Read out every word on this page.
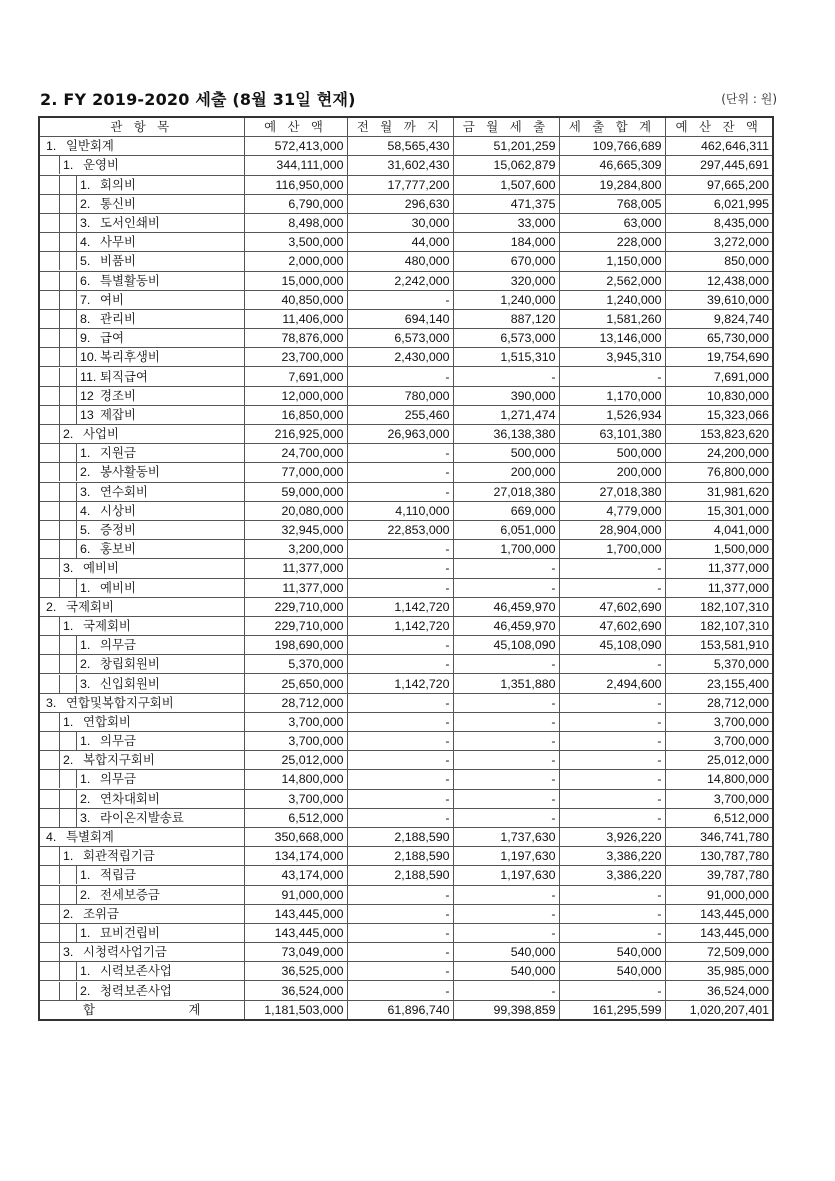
2. FY 2019-2020 세출 (8월 31일 현재)	(단위 : 원)
관 항 목	예 산 액	전 월 까 지	금 월 세 출	세 출 합 계	예 산 잔 액

1. 일반회계	572,413,000	58,565,430	51,201,259	109,766,689	462,646,311

1. 운영비	344,111,000	31,602,430	15,062,879	46,665,309	297,445,691

1. 회의비	116,950,000	17,777,200	1,507,600	19,284,800	97,665,200

2. 통신비	6,790,000	296,630	471,375	768,005	6,021,995

3. 도서인쇄비	8,498,000	30,000	33,000	63,000	8,435,000

4. 사무비	3,500,000	44,000	184,000	228,000	3,272,000

5. 비품비	2,000,000	480,000	670,000	1,150,000	850,000

6. 특별활동비	15,000,000	2,242,000	320,000	2,562,000	12,438,000

7. 여비	40,850,000	-	1,240,000	1,240,000	39,610,000

8. 관리비	11,406,000	694,140	887,120	1,581,260	9,824,740

9. 급여	78,876,000	6,573,000	6,573,000	13,146,000	65,730,000

10. 복리후생비	23,700,000	2,430,000	1,515,310	3,945,310	19,754,690

11. 퇴직급여	7,691,000	-	-	-	7,691,000

12 경조비	12,000,000	780,000	390,000	1,170,000	10,830,000

13 제잡비	16,850,000	255,460	1,271,474	1,526,934	15,323,066

2. 사업비	216,925,000	26,963,000	36,138,380	63,101,380	153,823,620

1. 지원금	24,700,000	-	500,000	500,000	24,200,000

2. 봉사활동비	77,000,000	-	200,000	200,000	76,800,000

3. 연수회비	59,000,000	-	27,018,380	27,018,380	31,981,620

4. 시상비	20,080,000	4,110,000	669,000	4,779,000	15,301,000

5. 증정비	32,945,000	22,853,000	6,051,000	28,904,000	4,041,000

6. 홍보비	3,200,000	-	1,700,000	1,700,000	1,500,000

3. 예비비	11,377,000	-	-	-	11,377,000

1. 예비비	11,377,000	-	-	-	11,377,000

2. 국제회비	229,710,000	1,142,720	46,459,970	47,602,690	182,107,310

1. 국제회비	229,710,000	1,142,720	46,459,970	47,602,690	182,107,310

1. 의무금	198,690,000	-	45,108,090	45,108,090	153,581,910

2. 창립회원비	5,370,000	-	-	-	5,370,000

3. 신입회원비	25,650,000	1,142,720	1,351,880	2,494,600	23,155,400

3. 연합및복합지구회비	28,712,000	-	-	-	28,712,000

1. 연합회비	3,700,000	-	-	-	3,700,000

1. 의무금	3,700,000	-	-	-	3,700,000

2. 복합지구회비	25,012,000	-	-	-	25,012,000

1. 의무금	14,800,000	-	-	-	14,800,000

2. 연차대회비	3,700,000	-	-	-	3,700,000

3. 라이온지발송료	6,512,000	-	-	-	6,512,000

4. 특별회계	350,668,000	2,188,590	1,737,630	3,926,220	346,741,780

1. 회관적립기금	134,174,000	2,188,590	1,197,630	3,386,220	130,787,780

1. 적립금	43,174,000	2,188,590	1,197,630	3,386,220	39,787,780

2. 전세보증금	91,000,000	-	-	-	91,000,000

2. 조위금	143,445,000	-	-	-	143,445,000

1. 묘비건립비	143,445,000	-	-	-	143,445,000

3. 시청력사업기금	73,049,000	-	540,000	540,000	72,509,000

1. 시력보존사업	36,525,000	-	540,000	540,000	35,985,000

2. 청력보존사업	36,524,000	-	-	-	36,524,000

합 계	1,181,503,000	61,896,740	99,398,859	161,295,599	1,020,207,401
